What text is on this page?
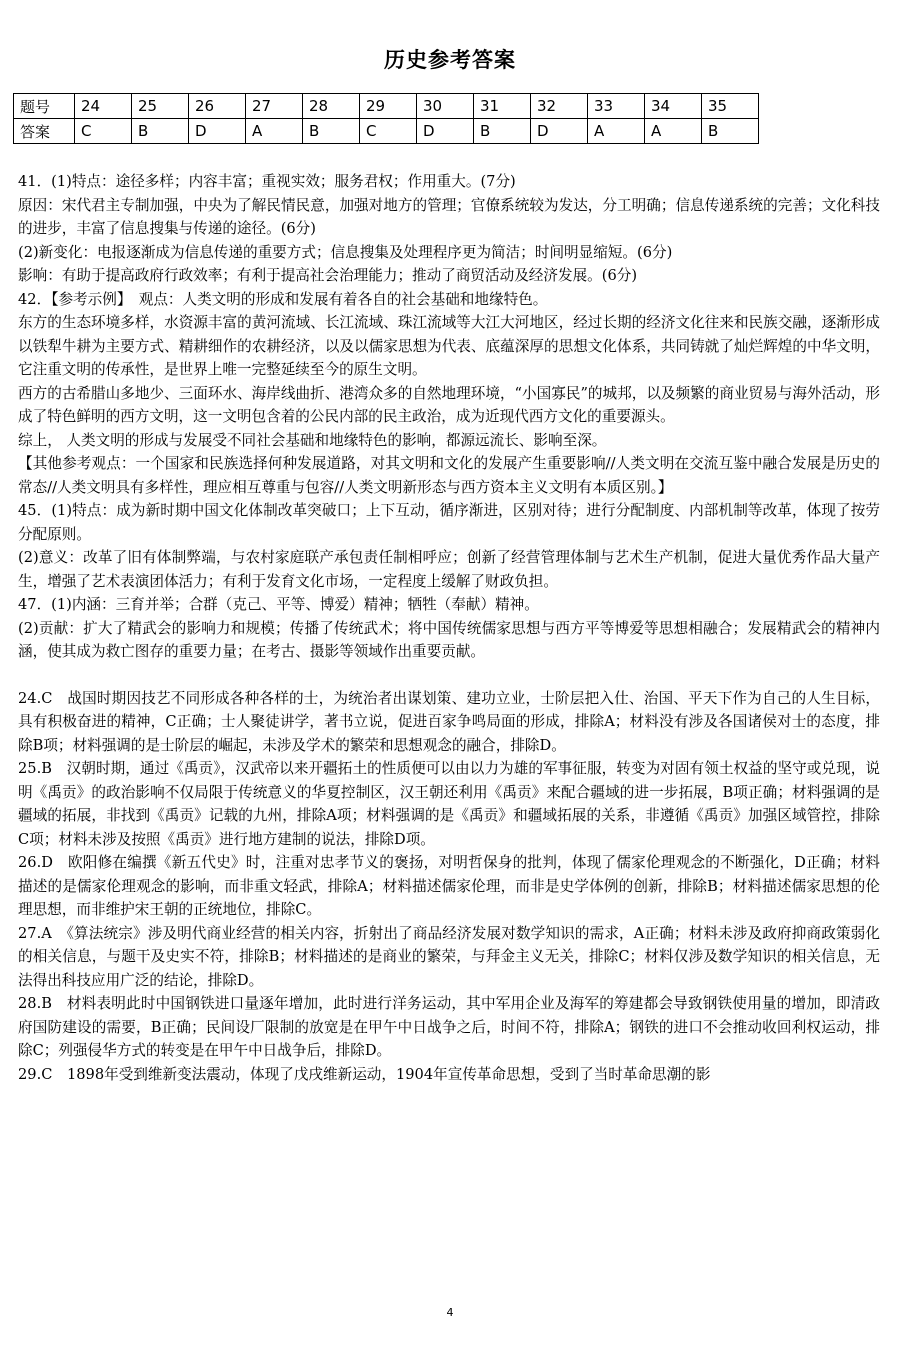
历史参考答案
题号	24	25	26	27	28	29	30	31	32	33	34	35
答案	C	B	D	A	B	C	D	B	D	A	A	B

41．(1)特点：途径多样；内容丰富；重视实效；服务君权；作用重大。(7分)

原因：宋代君主专制加强，中央为了解民情民意，加强对地方的管理；官僚系统较为发达，分工明确；信息传递系统的完善；文化科技的进步，丰富了信息搜集与传递的途径。(6分)

(2)新变化：电报逐渐成为信息传递的重要方式；信息搜集及处理程序更为简洁；时间明显缩短。(6分)

影响：有助于提高政府行政效率；有利于提高社会治理能力；推动了商贸活动及经济发展。(6分)

42．【参考示例】　观点：人类文明的形成和发展有着各自的社会基础和地缘特色。

东方的生态环境多样，水资源丰富的黄河流域、长江流域、珠江流域等大江大河地区，经过长期的经济文化往来和民族交融，逐渐形成以铁犁牛耕为主要方式、精耕细作的农耕经济，以及以儒家思想为代表、底蕴深厚的思想文化体系，共同铸就了灿烂辉煌的中华文明，它注重文明的传承性，是世界上唯一完整延续至今的原生文明。

西方的古希腊山多地少、三面环水、海岸线曲折、港湾众多的自然地理环境，“小国寡民”的城邦，以及频繁的商业贸易与海外活动，形成了特色鲜明的西方文明，这一文明包含着的公民内部的民主政治，成为近现代西方文化的重要源头。

综上， 人类文明的形成与发展受不同社会基础和地缘特色的影响，都源远流长、影响至深。

【其他参考观点：一个国家和民族选择何种发展道路，对其文明和文化的发展产生重要影响//人类文明在交流互鉴中融合发展是历史的常态//人类文明具有多样性，理应相互尊重与包容//人类文明新形态与西方资本主义文明有本质区别。】

45．(1)特点：成为新时期中国文化体制改革突破口；上下互动，循序渐进，区别对待；进行分配制度、内部机制等改革，体现了按劳分配原则。

(2)意义：改革了旧有体制弊端，与农村家庭联产承包责任制相呼应；创新了经营管理体制与艺术生产机制，促进大量优秀作品大量产生，增强了艺术表演团体活力；有利于发育文化市场，一定程度上缓解了财政负担。

47．(1)内涵：三育并举；合群（克己、平等、博爱）精神；牺牲（奉献）精神。

(2)贡献：扩大了精武会的影响力和规模；传播了传统武术；将中国传统儒家思想与西方平等博爱等思想相融合；发展精武会的精神内涵，使其成为救亡图存的重要力量；在考古、摄影等领域作出重要贡献。

24.C　战国时期因技艺不同形成各种各样的士，为统治者出谋划策、建功立业，士阶层把入仕、治国、平天下作为自己的人生目标，具有积极奋进的精神，C正确；士人聚徒讲学，著书立说，促进百家争鸣局面的形成，排除A；材料没有涉及各国诸侯对士的态度，排除B项；材料强调的是士阶层的崛起，未涉及学术的繁荣和思想观念的融合，排除D。

25.B　汉朝时期，通过《禹贡》，汉武帝以来开疆拓土的性质便可以由以力为雄的军事征服，转变为对固有领土权益的坚守或兑现，说明《禹贡》的政治影响不仅局限于传统意义的华夏控制区，汉王朝还利用《禹贡》来配合疆域的进一步拓展，B项正确；材料强调的是疆域的拓展，非找到《禹贡》记载的九州，排除A项；材料强调的是《禹贡》和疆域拓展的关系，非遵循《禹贡》加强区域管控，排除C项；材料未涉及按照《禹贡》进行地方建制的说法，排除D项。

26.D　欧阳修在编撰《新五代史》时，注重对忠孝节义的褒扬，对明哲保身的批判，体现了儒家伦理观念的不断强化，D正确；材料描述的是儒家伦理观念的影响，而非重文轻武，排除A；材料描述儒家伦理，而非是史学体例的创新，排除B；材料描述儒家思想的伦理思想，而非维护宋王朝的正统地位，排除C。

27.A　《算法统宗》涉及明代商业经营的相关内容，折射出了商品经济发展对数学知识的需求，A正确；材料未涉及政府抑商政策弱化的相关信息，与题干及史实不符，排除B；材料描述的是商业的繁荣，与拜金主义无关，排除C；材料仅涉及数学知识的相关信息，无法得出科技应用广泛的结论，排除D。

28.B　材料表明此时中国钢铁进口量逐年增加，此时进行洋务运动，其中军用企业及海军的筹建都会导致钢铁使用量的增加，即清政府国防建设的需要，B正确；民间设厂限制的放宽是在甲午中日战争之后，时间不符，排除A；钢铁的进口不会推动收回利权运动，排除C；列强侵华方式的转变是在甲午中日战争后，排除D。

29.C　1898年受到维新变法震动，体现了戊戌维新运动，1904年宣传革命思想，受到了当时革命思潮的影

4
